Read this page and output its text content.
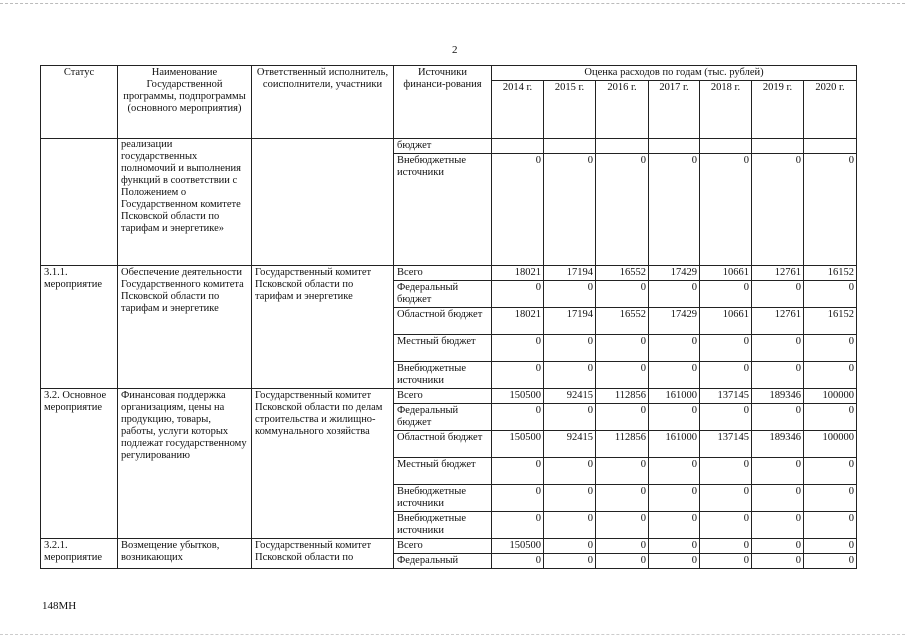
2
Статус	Наименование Государственной программы, подпрограммы (основного мероприятия)	Ответственный исполнитель, соисполнители, участники	Источники финанси-рования	Оценка расходов по годам (тыс. рублей)						
				2014 г.	2015 г.	2016 г.	2017 г.	2018 г.	2019 г.	2020 г.
	реализации государственных полномочий и выполнения функций в соответствии с Положением о Государственном комитете Псковской области по тарифам и энергетике»		бюджет							
			Внебюджетные источники	0	0	0	0	0	0	0
3.1.1. мероприятие	Обеспечение деятельности Государственного комитета Псковской области по тарифам и энергетике	Государственный комитет Псковской области по тарифам и энергетике	Всего	18021	17194	16552	17429	10661	12761	16152
			Федеральный бюджет	0	0	0	0	0	0	0
			Областной бюджет	18021	17194	16552	17429	10661	12761	16152
			Местный бюджет	0	0	0	0	0	0	0
			Внебюджетные источники	0	0	0	0	0	0	0
3.2. Основное мероприятие	Финансовая поддержка организациям, цены на продукцию, товары, работы, услуги которых подлежат государственному регулированию	Государственный комитет Псковской области по делам строительства и жилищно-коммунального хозяйства	Всего	150500	92415	112856	161000	137145	189346	100000
			Федеральный бюджет	0	0	0	0	0	0	0
			Областной бюджет	150500	92415	112856	161000	137145	189346	100000
			Местный бюджет	0	0	0	0	0	0	0
			Внебюджетные источники	0	0	0	0	0	0	0
			Внебюджетные источники	0	0	0	0	0	0	0
3.2.1. мероприятие	Возмещение убытков, возникающих	Государственный комитет Псковской области по	Всего	150500	0	0	0	0	0	0
			Федеральный	0	0	0	0	0	0	0
148МН
